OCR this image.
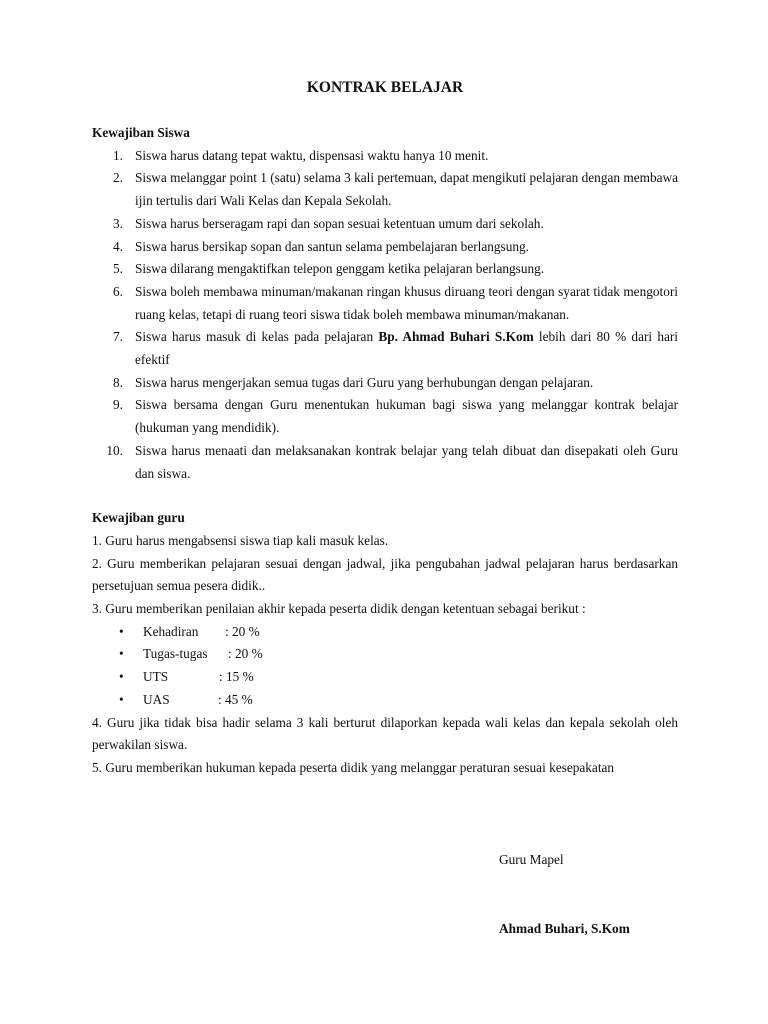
KONTRAK BELAJAR
Kewajiban Siswa
1. Siswa harus datang tepat waktu, dispensasi waktu hanya 10 menit.
2. Siswa melanggar point 1 (satu) selama 3 kali pertemuan, dapat mengikuti pelajaran dengan membawa ijin tertulis dari Wali Kelas dan Kepala Sekolah.
3. Siswa harus berseragam rapi dan sopan sesuai ketentuan umum dari sekolah.
4. Siswa harus bersikap sopan dan santun selama pembelajaran berlangsung.
5. Siswa dilarang mengaktifkan telepon genggam ketika pelajaran berlangsung.
6. Siswa boleh membawa minuman/makanan ringan khusus diruang teori dengan syarat tidak mengotori ruang kelas, tetapi di ruang teori siswa tidak boleh membawa minuman/makanan.
7. Siswa harus masuk di kelas pada pelajaran Bp. Ahmad Buhari S.Kom lebih dari 80 % dari hari efektif
8. Siswa harus mengerjakan semua tugas dari Guru yang berhubungan dengan pelajaran.
9. Siswa bersama dengan Guru menentukan hukuman bagi siswa yang melanggar kontrak belajar (hukuman yang mendidik).
10. Siswa harus menaati dan melaksanakan kontrak belajar yang telah dibuat dan disepakati oleh Guru dan siswa.
Kewajiban guru

1. Guru harus mengabsensi siswa tiap kali masuk kelas.

2. Guru memberikan pelajaran sesuai dengan jadwal, jika pengubahan jadwal pelajaran harus berdasarkan persetujuan semua pesera didik..

3. Guru memberikan penilaian akhir kepada peserta didik dengan ketentuan sebagai berikut :

• Kehadiran : 20 %
• Tugas-tugas : 20 %
• UTS	: 15 %
• UAS	: 45 %

4. Guru jika tidak bisa hadir selama 3 kali berturut dilaporkan kepada wali kelas dan kepala sekolah oleh perwakilan siswa.

5. Guru memberikan hukuman kepada peserta didik yang melanggar peraturan sesuai kesepakatan

Guru Mapel
Ahmad Buhari, S.Kom
